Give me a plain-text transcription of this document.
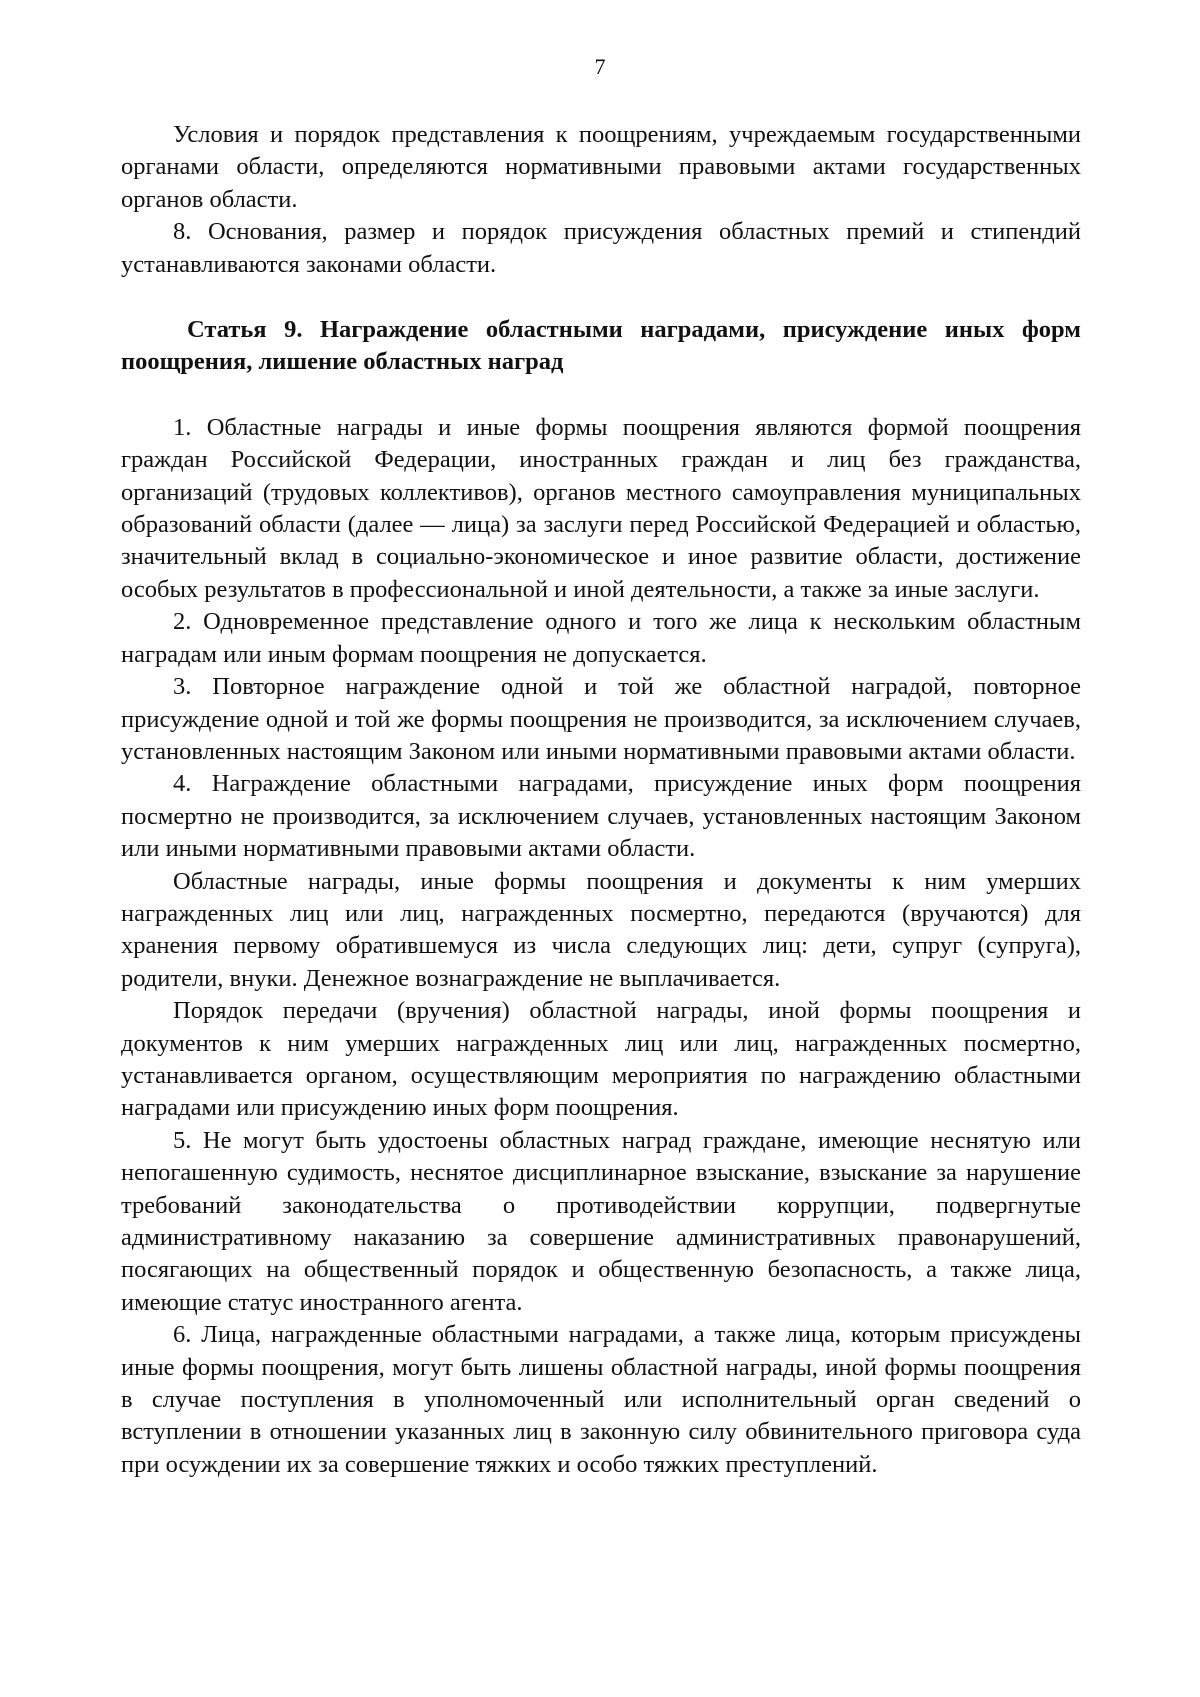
7

Условия и порядок представления к поощрениям, учреждаемым государственными органами области, определяются нормативными правовыми актами государственных органов области.

8. Основания, размер и порядок присуждения областных премий и стипендий устанавливаются законами области.

Статья 9. Награждение областными наградами, присуждение иных форм поощрения, лишение областных наград

1. Областные награды и иные формы поощрения являются формой поощрения граждан Российской Федерации, иностранных граждан и лиц без гражданства, организаций (трудовых коллективов), органов местного самоуправления муниципальных образований области (далее — лица) за заслуги перед Российской Федерацией и областью, значительный вклад в социально-экономическое и иное развитие области, достижение особых результатов в профессиональной и иной деятельности, а также за иные заслуги.

2. Одновременное представление одного и того же лица к нескольким областным наградам или иным формам поощрения не допускается.

3. Повторное награждение одной и той же областной наградой, повторное присуждение одной и той же формы поощрения не производится, за исключением случаев, установленных настоящим Законом или иными нормативными правовыми актами области.

4. Награждение областными наградами, присуждение иных форм поощрения посмертно не производится, за исключением случаев, установленных настоящим Законом или иными нормативными правовыми актами области.

Областные награды, иные формы поощрения и документы к ним умерших награжденных лиц или лиц, награжденных посмертно, передаются (вручаются) для хранения первому обратившемуся из числа следующих лиц: дети, супруг (супруга), родители, внуки. Денежное вознаграждение не выплачивается.

Порядок передачи (вручения) областной награды, иной формы поощрения и документов к ним умерших награжденных лиц или лиц, награжденных посмертно, устанавливается органом, осуществляющим мероприятия по награждению областными наградами или присуждению иных форм поощрения.

5. Не могут быть удостоены областных наград граждане, имеющие неснятую или непогашенную судимость, неснятое дисциплинарное взыскание, взыскание за нарушение требований законодательства о противодействии коррупции, подвергнутые административному наказанию за совершение административных правонарушений, посягающих на общественный порядок и общественную безопасность, а также лица, имеющие статус иностранного агента.

6. Лица, награжденные областными наградами, а также лица, которым присуждены иные формы поощрения, могут быть лишены областной награды, иной формы поощрения в случае поступления в уполномоченный или исполнительный орган сведений о вступлении в отношении указанных лиц в законную силу обвинительного приговора суда при осуждении их за совершение тяжких и особо тяжких преступлений.
